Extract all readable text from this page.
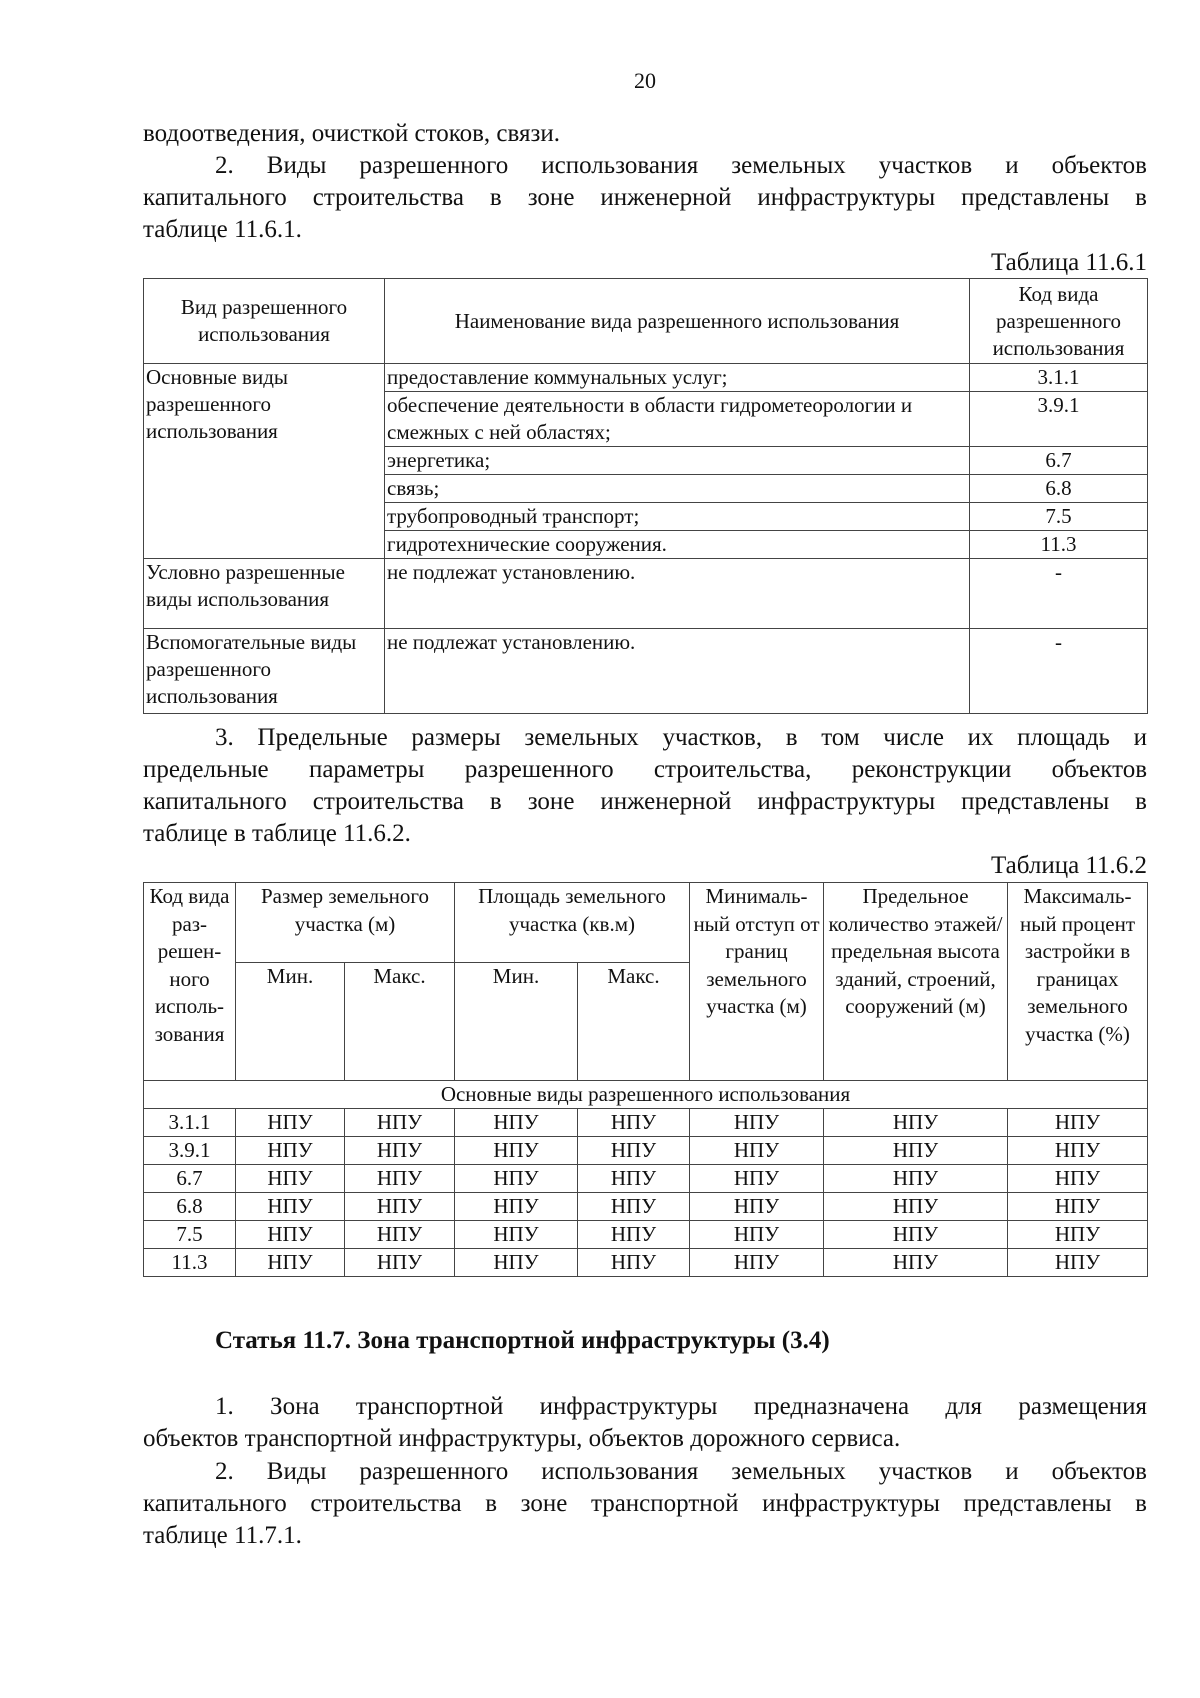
20
водоотведения, очисткой стоков, связи.
2. Виды разрешенного использования земельных участков и объектов
капитального строительства в зоне инженерной инфраструктуры представлены в
таблице 11.6.1.
Таблица 11.6.1
Вид разрешенного использования	Наименование вида разрешенного использования	Код вида разрешенного использования
Основные виды разрешенного использования	предоставление коммунальных услуг;	3.1.1
	обеспечение деятельности в области гидрометеорологии и смежных с ней областях;	3.9.1

	энергетика;	6.7
	связь;	6.8
	трубопроводный транспорт;	7.5
	гидротехнические сооружения.	11.3
Условно разрешенные виды использования	не подлежат установлению.	-
Вспомогательные виды разрешенного использования	не подлежат установлению.	-
3. Предельные размеры земельных участков, в том числе их площадь и
предельные параметры разрешенного строительства, реконструкции объектов
капитального строительства в зоне инженерной инфраструктуры представлены в
таблице в таблице 11.6.2.
Таблица 11.6.2
Код вида раз-решен-ного исполь-зования	Размер земельного участка (м)		Площадь земельного участка (кв.м)		Минималь-ный отступ от границ земельного участка (м)	Предельное количество этажей/ предельная высота зданий, строений, сооружений (м)	Максималь-ный процент застройки в границах земельного участка (%)
	Мин.	Макс.	Мин.	Макс.			
Основные виды разрешенного использования							
3.1.1	НПУ	НПУ	НПУ	НПУ	НПУ	НПУ	НПУ
3.9.1	НПУ	НПУ	НПУ	НПУ	НПУ	НПУ	НПУ
6.7	НПУ	НПУ	НПУ	НПУ	НПУ	НПУ	НПУ
6.8	НПУ	НПУ	НПУ	НПУ	НПУ	НПУ	НПУ
7.5	НПУ	НПУ	НПУ	НПУ	НПУ	НПУ	НПУ
11.3	НПУ	НПУ	НПУ	НПУ	НПУ	НПУ	НПУ
Статья 11.7. Зона транспортной инфраструктуры (3.4)
1. Зона транспортной инфраструктуры предназначена для размещения
объектов транспортной инфраструктуры, объектов дорожного сервиса.
2. Виды разрешенного использования земельных участков и объектов
капитального строительства в зоне транспортной инфраструктуры представлены в
таблице 11.7.1.
